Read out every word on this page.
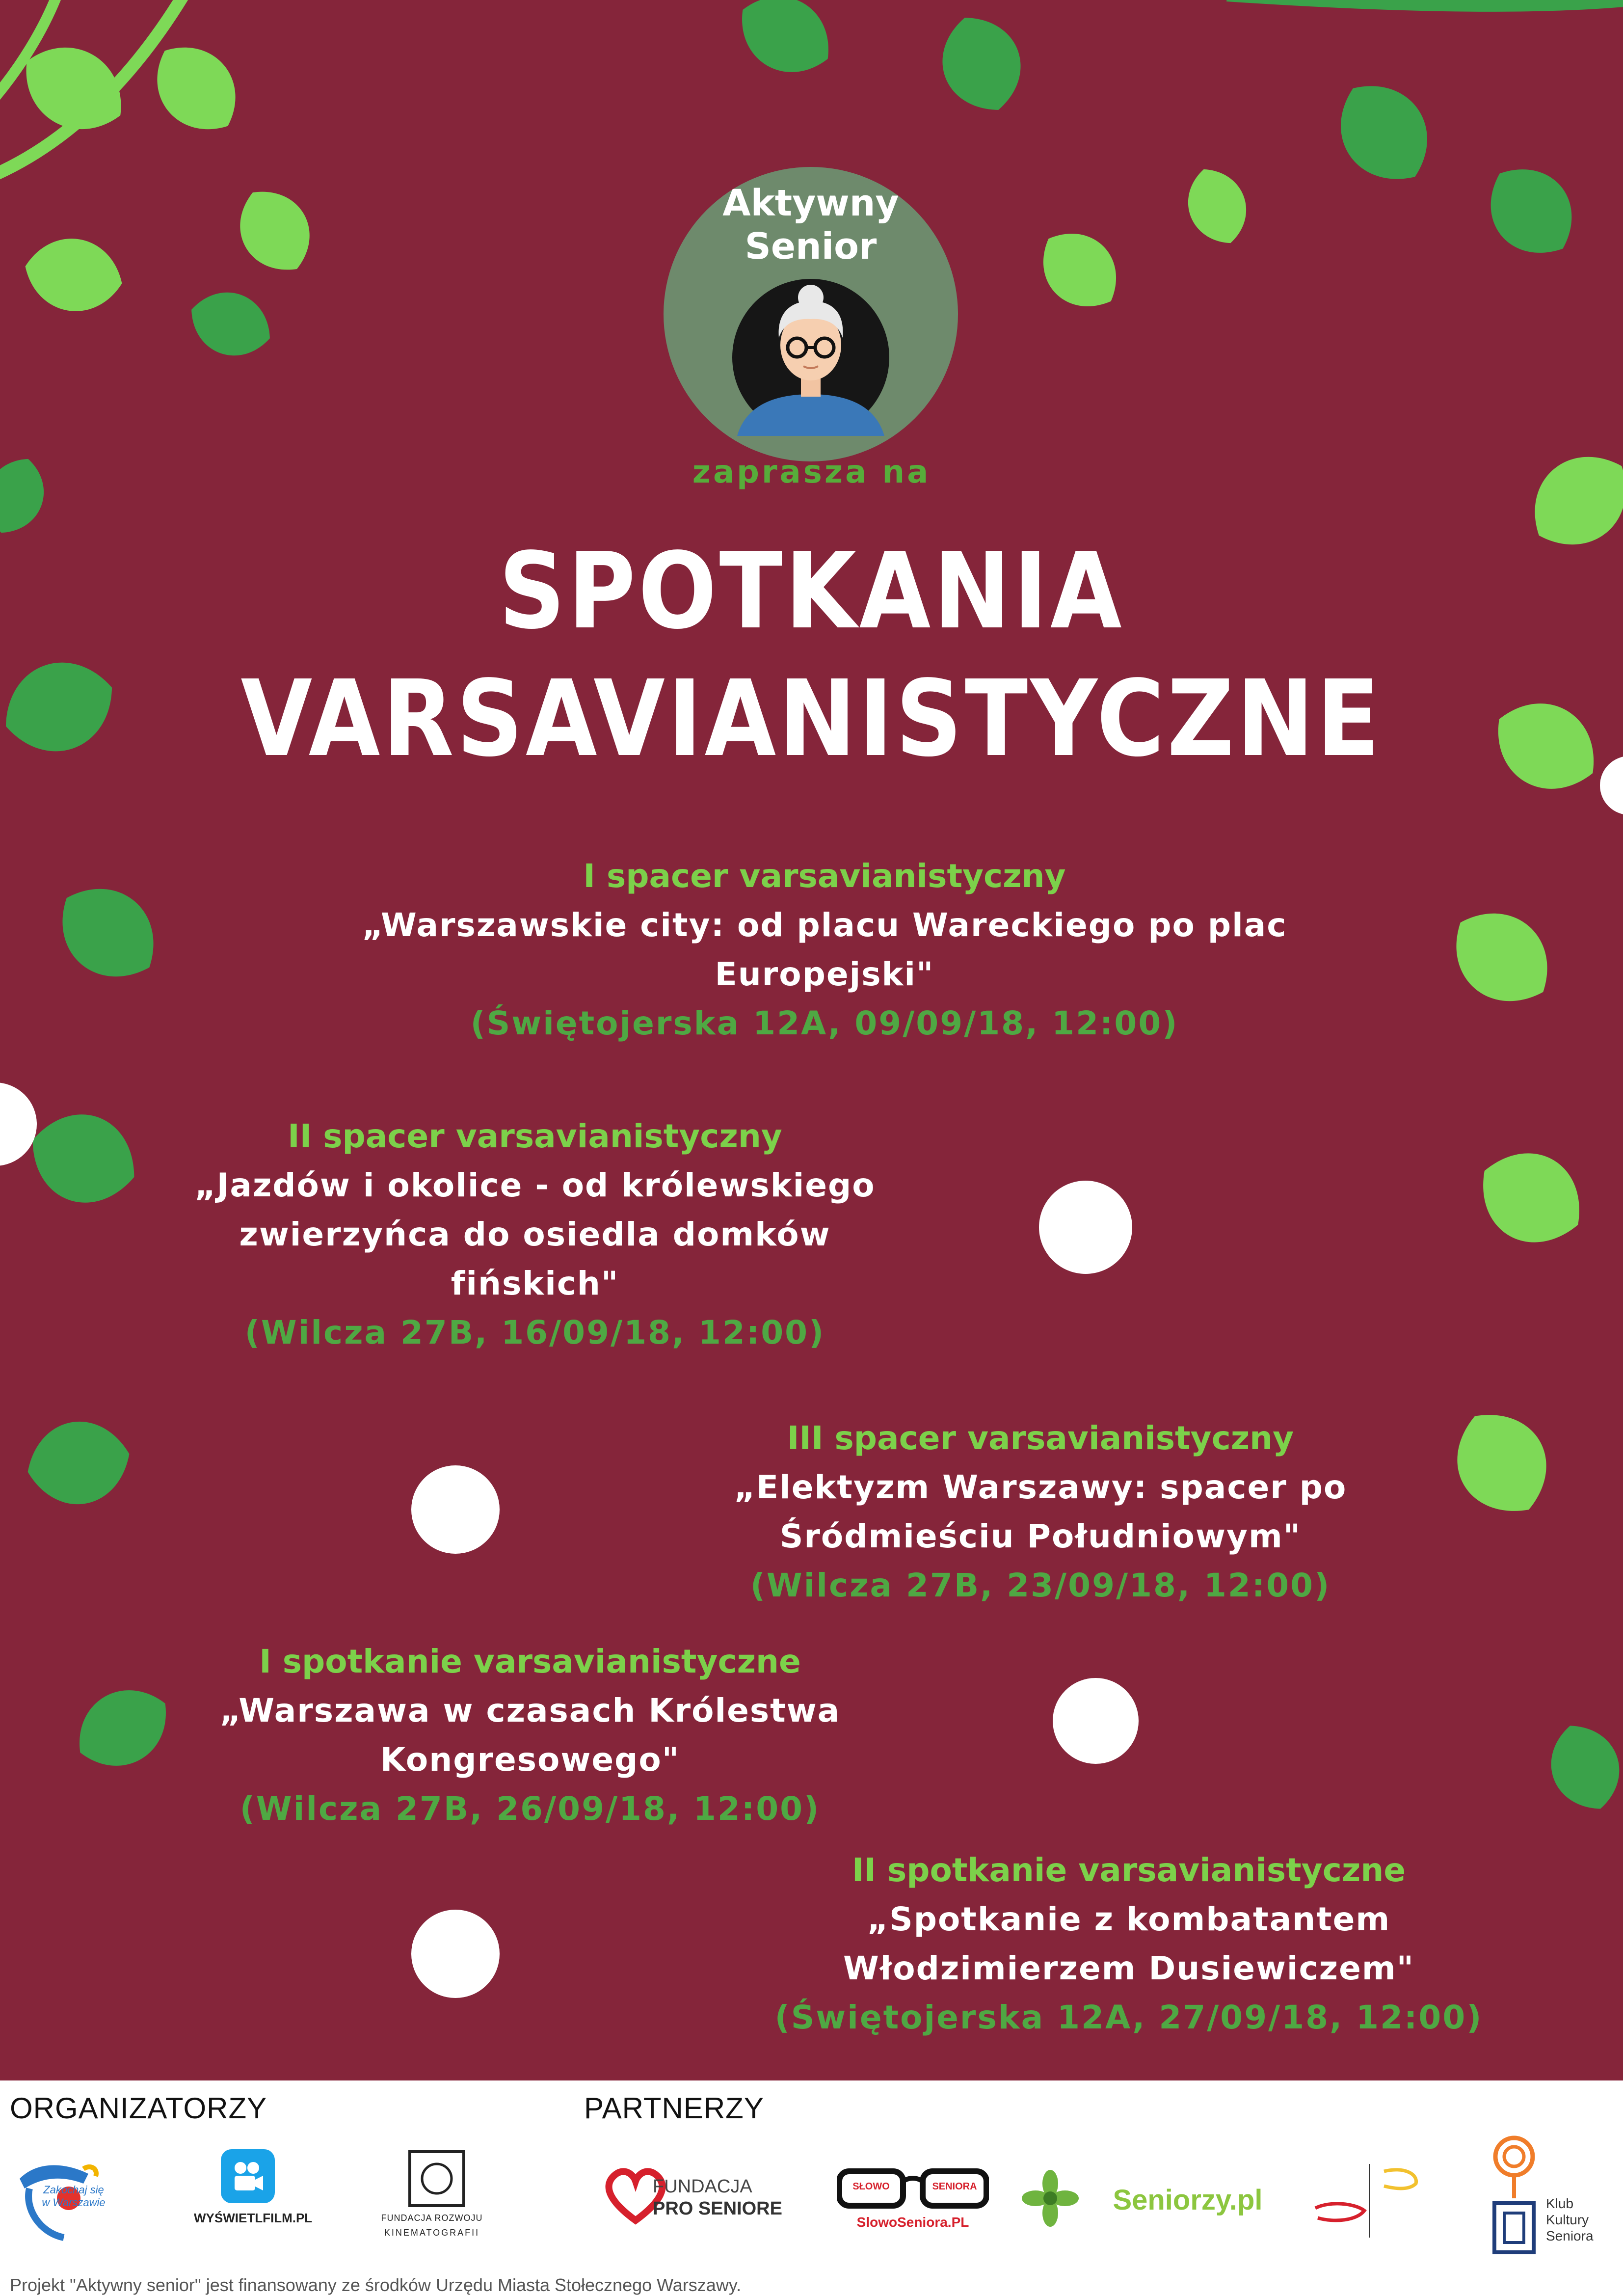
Aktywny
Senior
zaprasza na
SPOTKANIA
VARSAVIANISTYCZNE
I spacer varsavianistyczny
„Warszawskie city: od placu Wareckiego po plac
Europejski"
(Świętojerska 12A, 09/09/18, 12:00)
II spacer varsavianistyczny
„Jazdów i okolice - od królewskiego
zwierzyńca do osiedla domków
fińskich"
(Wilcza 27B, 16/09/18, 12:00)
III spacer varsavianistyczny
„Elektyzm Warszawy: spacer po
Śródmieściu Południowym"
(Wilcza 27B, 23/09/18, 12:00)
I spotkanie varsavianistyczne
„Warszawa w czasach Królestwa
Kongresowego"
(Wilcza 27B, 26/09/18, 12:00)
II spotkanie varsavianistyczne
„Spotkanie z kombatantem
Włodzimierzem Dusiewiczem"
(Świętojerska 12A, 27/09/18, 12:00)
ORGANIZATORZY	PARTNERZY
Zakochaj się w Warszawie
WYŚWIETLFILM.PL	FUNDACJA ROZWOJU
KINEMATOGRAFII
FUNDACJA
PRO SENIORE
SŁOWO	SENIORA
SlowoSeniora.PL
Seniorzy.pl	Klub
Kultury
Seniora
Projekt "Aktywny senior" jest finansowany ze środków Urzędu Miasta Stołecznego Warszawy.
